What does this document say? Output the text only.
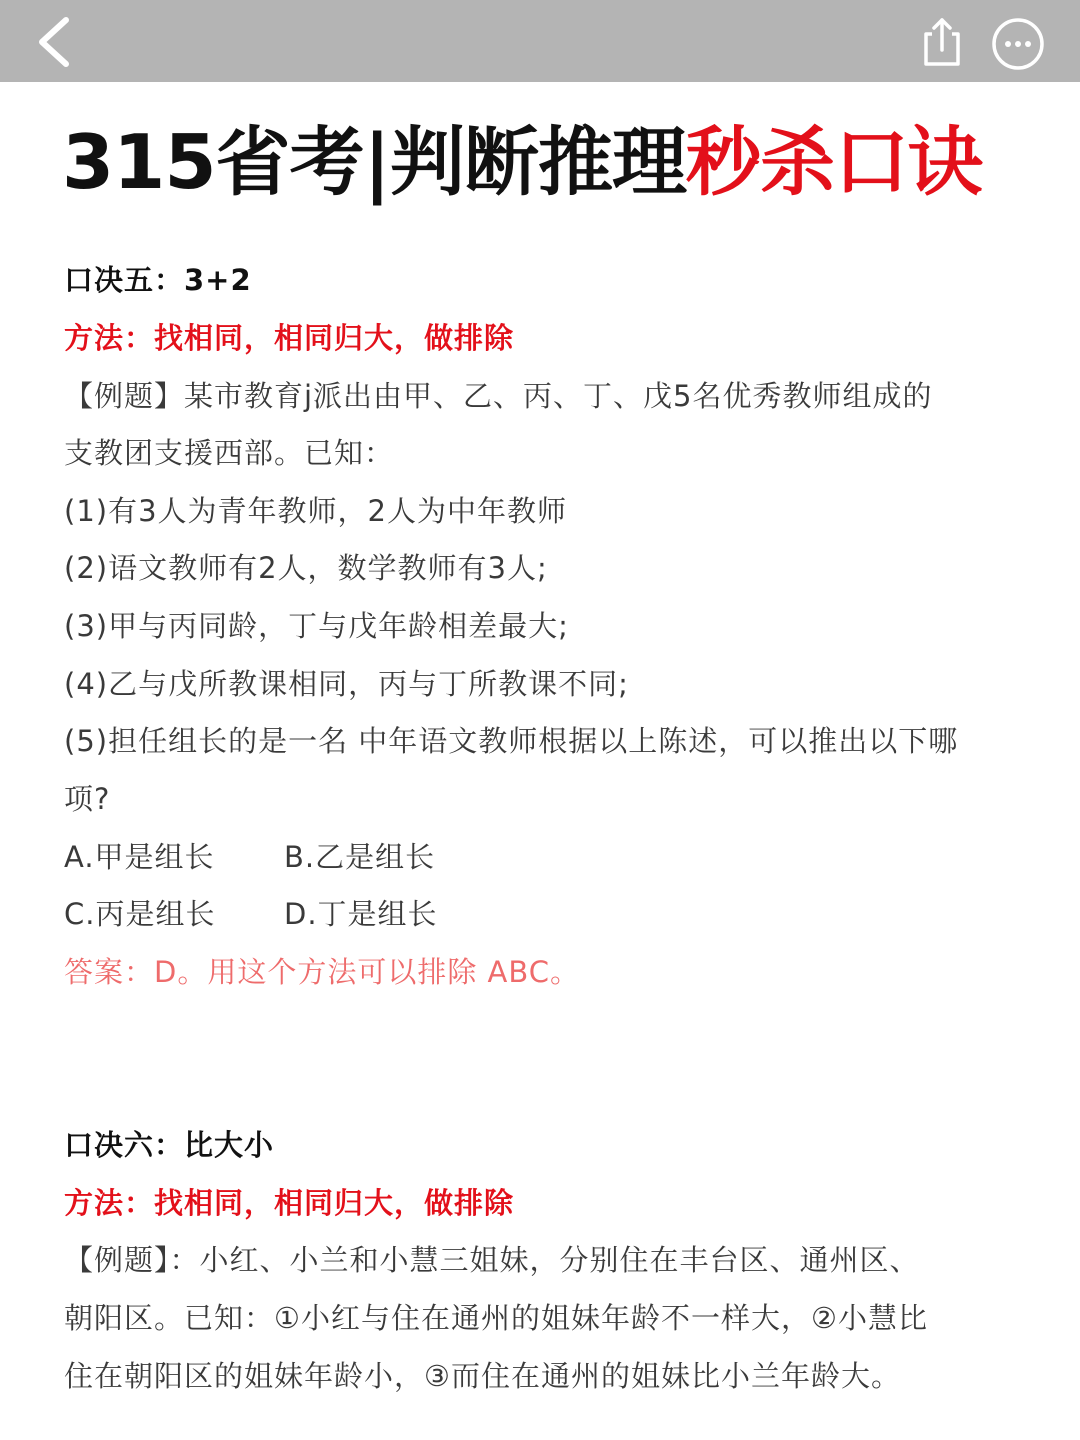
315省考|判断推理秒杀口诀
口决五：3+2
方法：找相同，相同归大，做排除
【例题】某市教育j派出由甲、乙、丙、丁、戊5名优秀教师组成的
支教团支援西部。已知：
(1)有3人为青年教师，2人为中年教师
(2)语文教师有2人，数学教师有3人;
(3)甲与丙同龄，丁与戊年龄相差最大;
(4)乙与戊所教课相同，丙与丁所教课不同;
(5)担任组长的是一名 中年语文教师根据以上陈述，可以推出以下哪
项?
A.甲是组长 B.乙是组长
C.丙是组长 D.丁是组长
答案：D。用这个方法可以排除 ABC。
口决六：比大小
方法：找相同，相同归大，做排除
【例题】：小红、小兰和小慧三姐妹，分别住在丰台区、通州区、
朝阳区。已知：①小红与住在通州的姐妹年龄不一样大，②小慧比
住在朝阳区的姐妹年龄小，③而住在通州的姐妹比小兰年龄大。
